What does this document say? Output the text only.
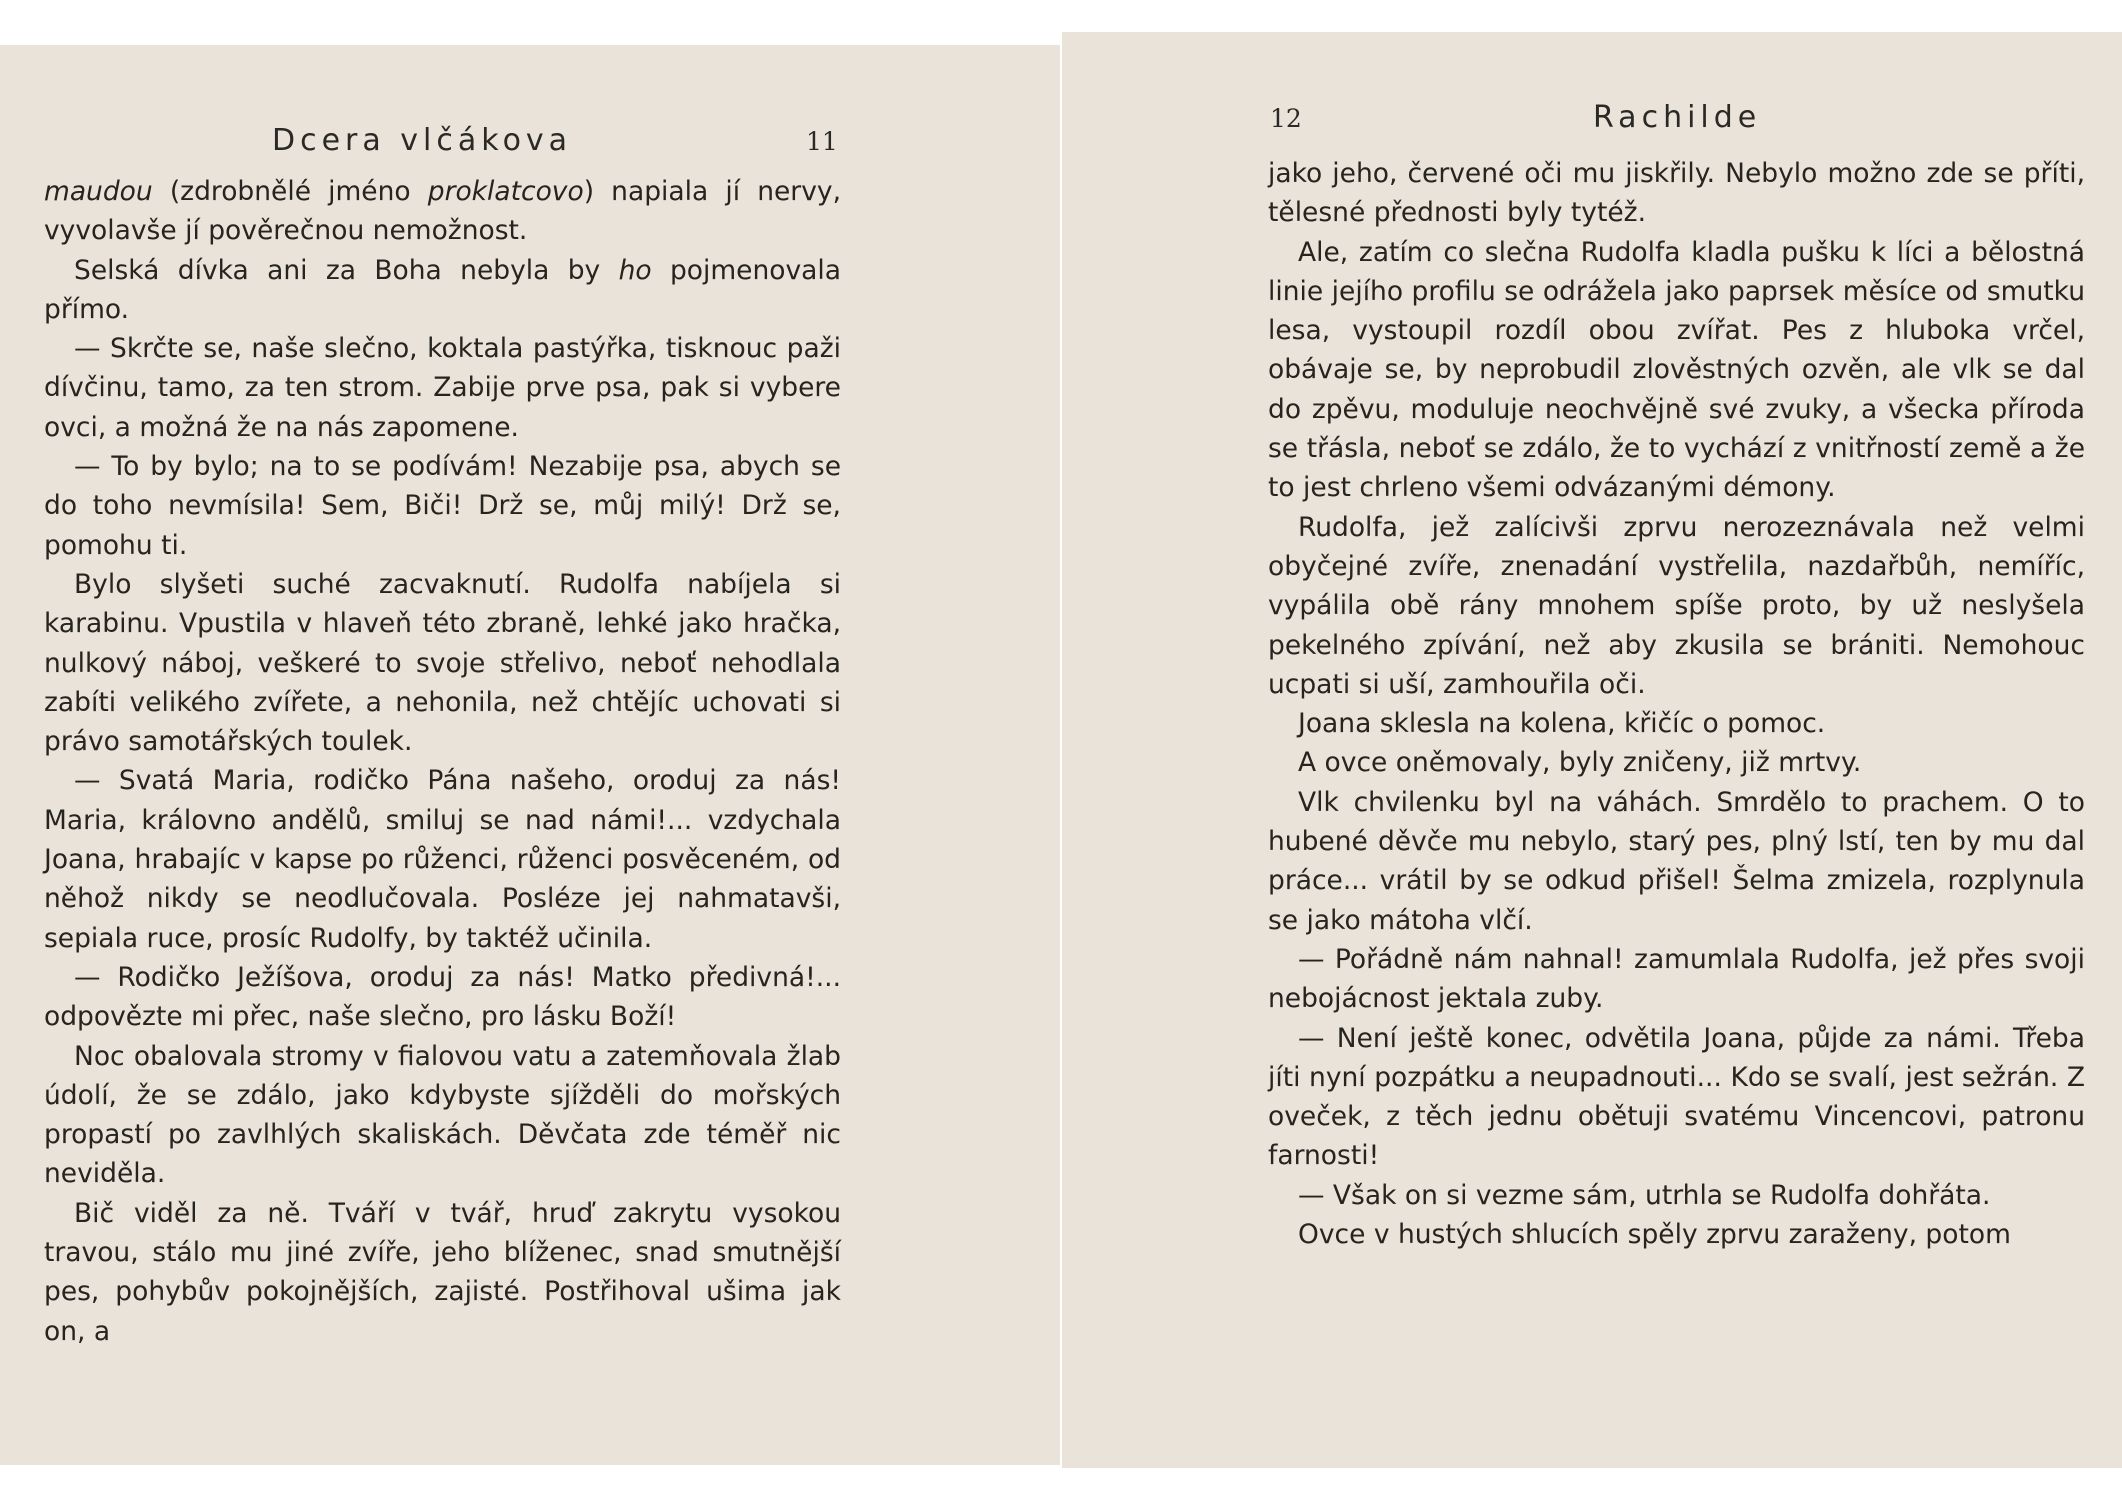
Dcera vlčákova	11

maudou (zdrobnělé jméno proklatcovo) napiala jí nervy, vyvolavše jí pověrečnou nemožnost.

Selská dívka ani za Boha nebyla by ho pojmenovala přímo.

— Skrčte se, naše slečno, koktala pastýřka, tisknouc paži dívčinu, tamo, za ten strom. Zabije prve psa, pak si vybere ovci, a možná že na nás zapomene.

— To by bylo; na to se podívám! Nezabije psa, abych se do toho nevmísila! Sem, Biči! Drž se, můj milý! Drž se, pomohu ti.

Bylo slyšeti suché zacvaknutí. Rudolfa nabíjela si karabinu. Vpustila v hlaveň této zbraně, lehké jako hračka, nulkový náboj, veškeré to svoje střelivo, neboť nehodlala zabíti velikého zvířete, a nehonila, než chtějíc uchovati si právo samotářských toulek.

— Svatá Maria, rodičko Pána našeho, oroduj za nás! Maria, královno andělů, smiluj se nad námi!... vzdychala Joana, hrabajíc v kapse po růženci, růženci posvěceném, od něhož nikdy se neodlučovala. Posléze jej nahmatavši, sepiala ruce, prosíc Rudolfy, by taktéž učinila.

— Rodičko Ježíšova, oroduj za nás! Matko předivná!... odpovězte mi přec, naše slečno, pro lásku Boží!

Noc obalovala stromy v fialovou vatu a zatemňovala žlab údolí, že se zdálo, jako kdybyste sjížděli do mořských propastí po zavlhlých skaliskách. Děvčata zde téměř nic neviděla.

Bič viděl za ně. Tváří v tvář, hruď zakrytu vysokou travou, stálo mu jiné zvíře, jeho blíženec, snad smutnější pes, pohybův pokojnějších, zajisté. Postřihoval ušima jak on, a

12	Rachilde

jako jeho, červené oči mu jiskřily. Nebylo možno zde se příti, tělesné přednosti byly tytéž.

Ale, zatím co slečna Rudolfa kladla pušku k líci a bělostná linie jejího profilu se odrážela jako paprsek měsíce od smutku lesa, vystoupil rozdíl obou zvířat. Pes z hluboka vrčel, obávaje se, by neprobudil zlověstných ozvěn, ale vlk se dal do zpěvu, moduluje neochvějně své zvuky, a všecka příroda se třásla, neboť se zdálo, že to vychází z vnitřností země a že to jest chrleno všemi odvázanými démony.

Rudolfa, jež zalícivši zprvu nerozeznávala než velmi obyčejné zvíře, znenadání vystřelila, nazdařbůh, nemíříc, vypálila obě rány mnohem spíše proto, by už neslyšela pekelného zpívání, než aby zkusila se brániti. Nemohouc ucpati si uší, zamhouřila oči.

Joana sklesla na kolena, křičíc o pomoc.

A ovce oněmovaly, byly zničeny, již mrtvy.

Vlk chvilenku byl na váhách. Smrdělo to prachem. O to hubené děvče mu nebylo, starý pes, plný lstí, ten by mu dal práce... vrátil by se odkud přišel! Šelma zmizela, rozplynula se jako mátoha vlčí.

— Pořádně nám nahnal! zamumlala Rudolfa, jež přes svoji nebojácnost jektala zuby.

— Není ještě konec, odvětila Joana, půjde za námi. Třeba jíti nyní pozpátku a neupadnouti... Kdo se svalí, jest sežrán. Z oveček, z těch jednu obětuji svatému Vincencovi, patronu farnosti!

— Však on si vezme sám, utrhla se Rudolfa dohřáta.

Ovce v hustých shlucích spěly zprvu zaraženy, potom
